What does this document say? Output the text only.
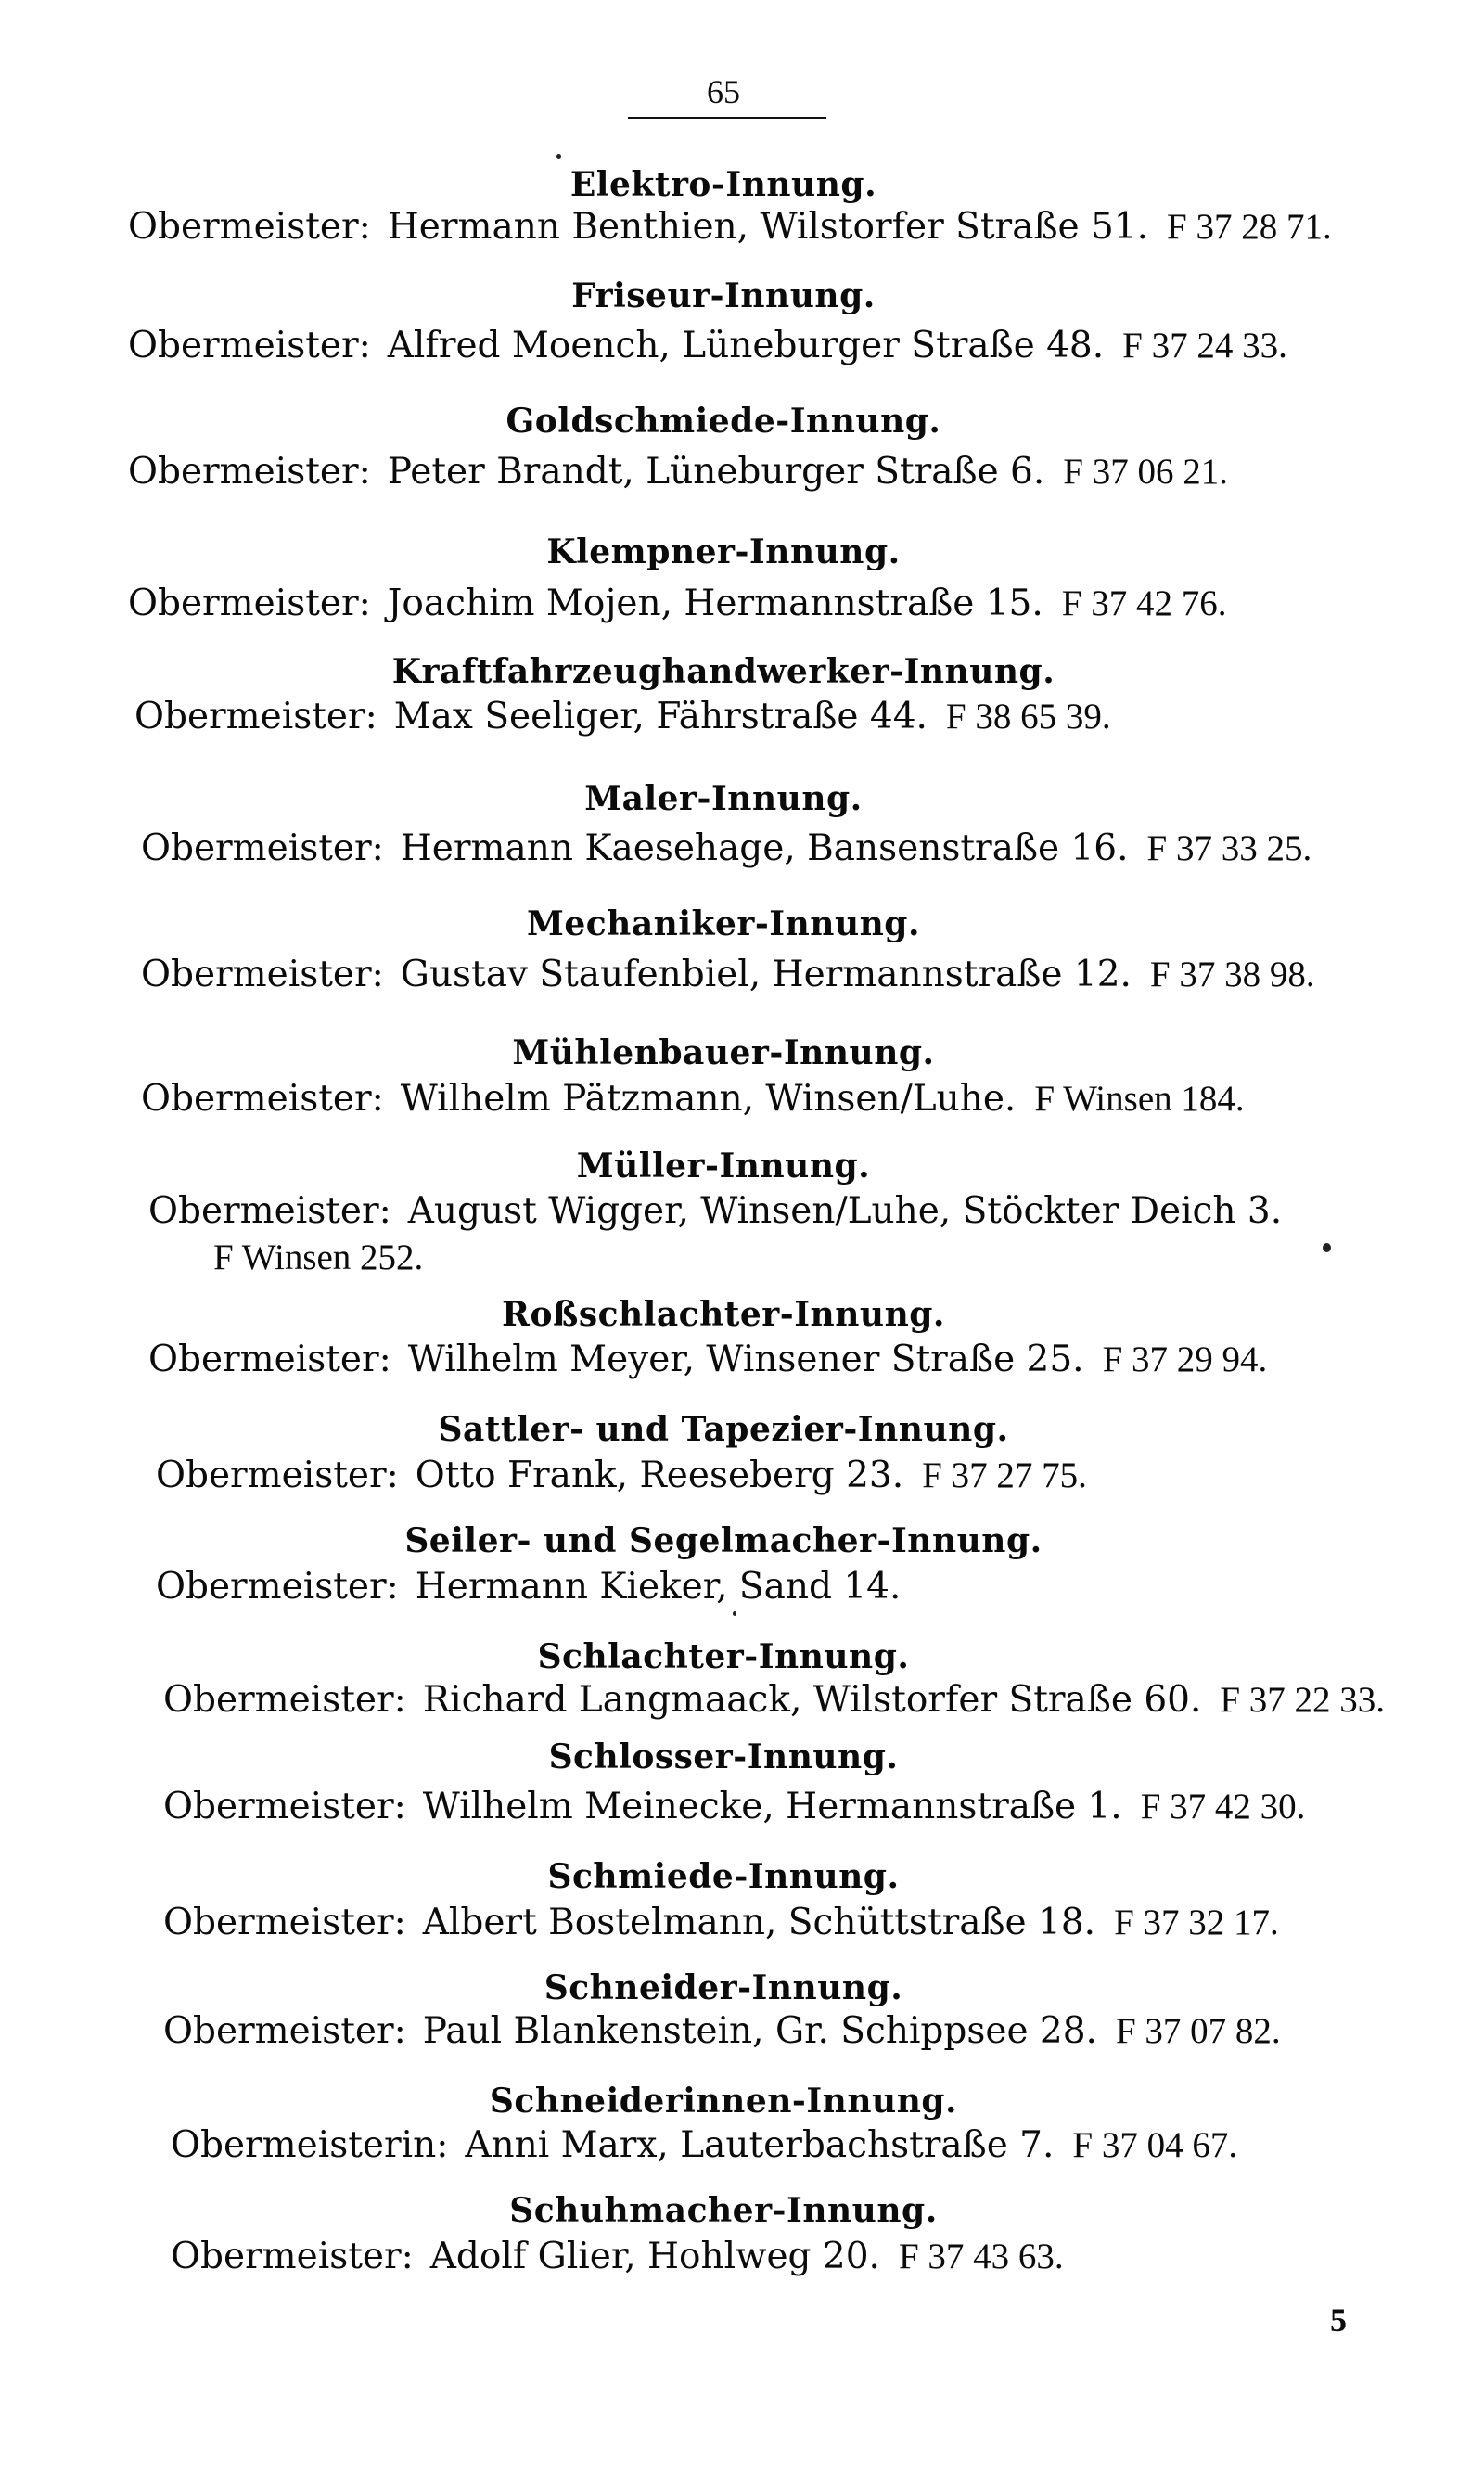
65
Elektro-Innung.
Obermeister: Hermann Benthien, Wilstorfer Straße 51. F 37 28 71.
Friseur-Innung.
Obermeister: Alfred Moench, Lüneburger Straße 48. F 37 24 33.
Goldschmiede-Innung.
Obermeister: Peter Brandt, Lüneburger Straße 6. F 37 06 21.
Klempner-Innung.
Obermeister: Joachim Mojen, Hermannstraße 15. F 37 42 76.
Kraftfahrzeughandwerker-Innung.
Obermeister: Max Seeliger, Fährstraße 44. F 38 65 39.
Maler-Innung.
Obermeister: Hermann Kaesehage, Bansenstraße 16. F 37 33 25.
Mechaniker-Innung.
Obermeister: Gustav Staufenbiel, Hermannstraße 12. F 37 38 98.
Mühlenbauer-Innung.
Obermeister: Wilhelm Pätzmann, Winsen/Luhe. F Winsen 184.
Müller-Innung.
Obermeister: August Wigger, Winsen/Luhe, Stöckter Deich 3.
F Winsen 252.
Roßschlachter-Innung.
Obermeister: Wilhelm Meyer, Winsener Straße 25. F 37 29 94.
Sattler- und Tapezier-Innung.
Obermeister: Otto Frank, Reeseberg 23. F 37 27 75.
Seiler- und Segelmacher-Innung.
Obermeister: Hermann Kieker, Sand 14.
Schlachter-Innung.
Obermeister: Richard Langmaack, Wilstorfer Straße 60. F 37 22 33.
Schlosser-Innung.
Obermeister: Wilhelm Meinecke, Hermannstraße 1. F 37 42 30.
Schmiede-Innung.
Obermeister: Albert Bostelmann, Schüttstraße 18. F 37 32 17.
Schneider-Innung.
Obermeister: Paul Blankenstein, Gr. Schippsee 28. F 37 07 82.
Schneiderinnen-Innung.
Obermeisterin: Anni Marx, Lauterbachstraße 7. F 37 04 67.
Schuhmacher-Innung.
Obermeister: Adolf Glier, Hohlweg 20. F 37 43 63.
5
